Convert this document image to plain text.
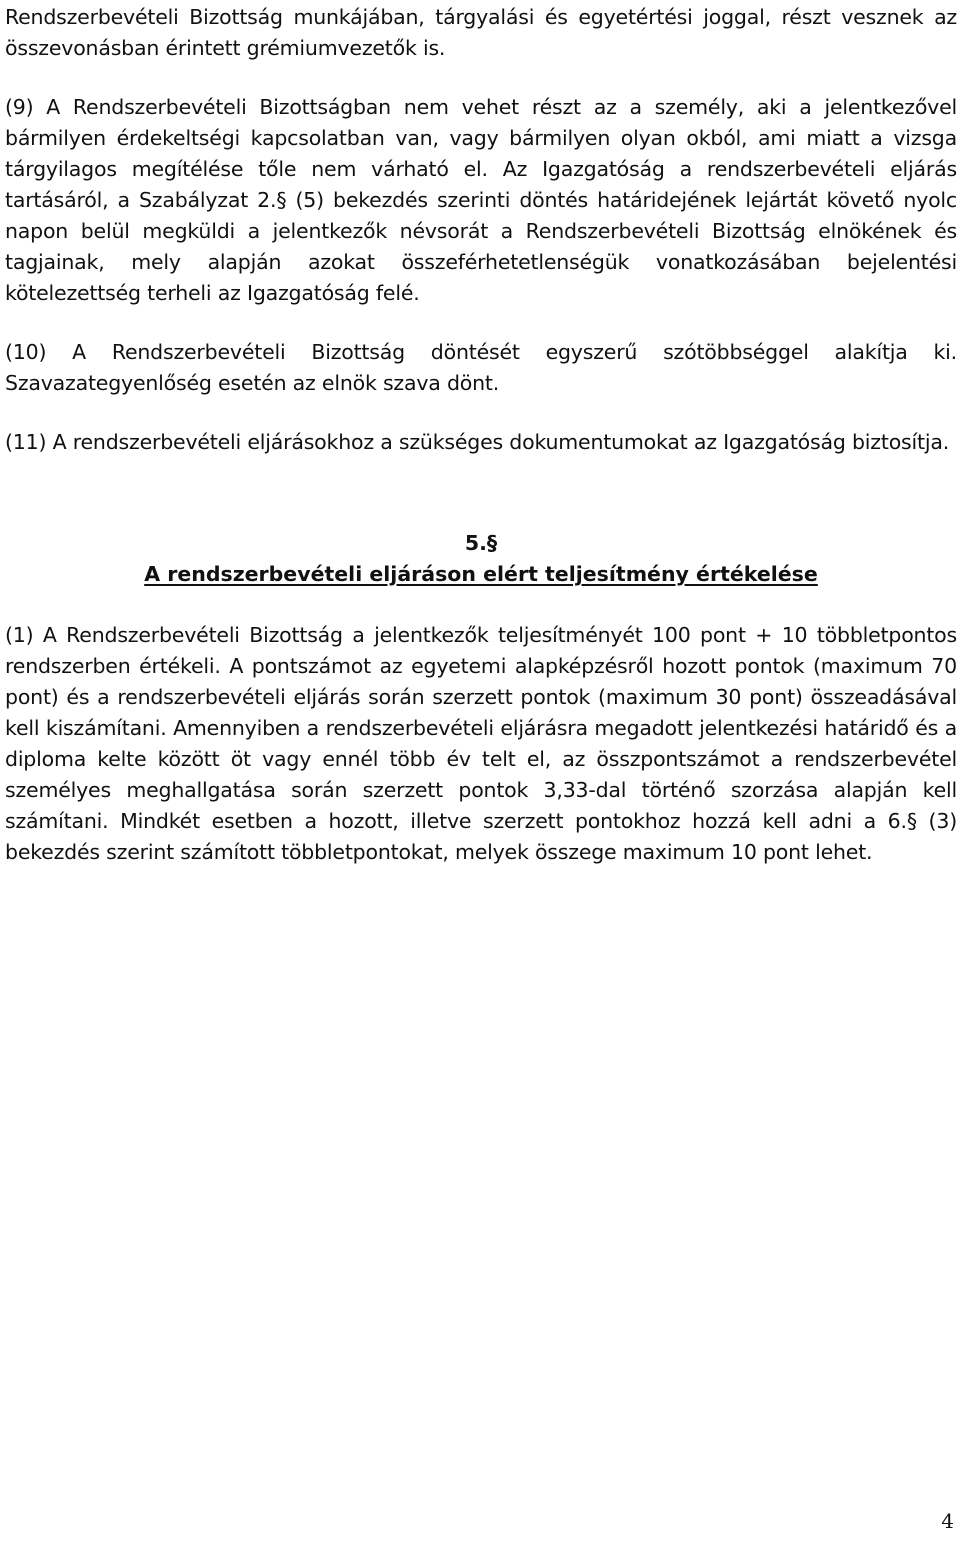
Rendszerbevételi Bizottság munkájában, tárgyalási és egyetértési joggal, részt vesznek az összevonásban érintett grémiumvezetők is.

(9) A Rendszerbevételi Bizottságban nem vehet részt az a személy, aki a jelentkezővel bármilyen érdekeltségi kapcsolatban van, vagy bármilyen olyan okból, ami miatt a vizsga tárgyilagos megítélése tőle nem várható el. Az Igazgatóság a rendszerbevételi eljárás tartásáról, a Szabályzat 2.§ (5) bekezdés szerinti döntés határidejének lejártát követő nyolc napon belül megküldi a jelentkezők névsorát a Rendszerbevételi Bizottság elnökének és tagjainak, mely alapján azokat összeférhetetlenségük vonatkozásában bejelentési kötelezettség terheli az Igazgatóság felé.

(10) A Rendszerbevételi Bizottság döntését egyszerű szótöbbséggel alakítja ki. Szavazategyenlőség esetén az elnök szava dönt.

(11) A rendszerbevételi eljárásokhoz a szükséges dokumentumokat az Igazgatóság biztosítja.

5.§
A rendszerbevételi eljáráson elért teljesítmény értékelése

(1) A Rendszerbevételi Bizottság a jelentkezők teljesítményét 100 pont + 10 többletpontos rendszerben értékeli. A pontszámot az egyetemi alapképzésről hozott pontok (maximum 70 pont) és a rendszerbevételi eljárás során szerzett pontok (maximum 30 pont) összeadásával kell kiszámítani. Amennyiben a rendszerbevételi eljárásra megadott jelentkezési határidő és a diploma kelte között öt vagy ennél több év telt el, az összpontszámot a rendszerbevétel személyes meghallgatása során szerzett pontok 3,33-dal történő szorzása alapján kell számítani. Mindkét esetben a hozott, illetve szerzett pontokhoz hozzá kell adni a 6.§ (3) bekezdés szerint számított többletpontokat, melyek összege maximum 10 pont lehet.

4
